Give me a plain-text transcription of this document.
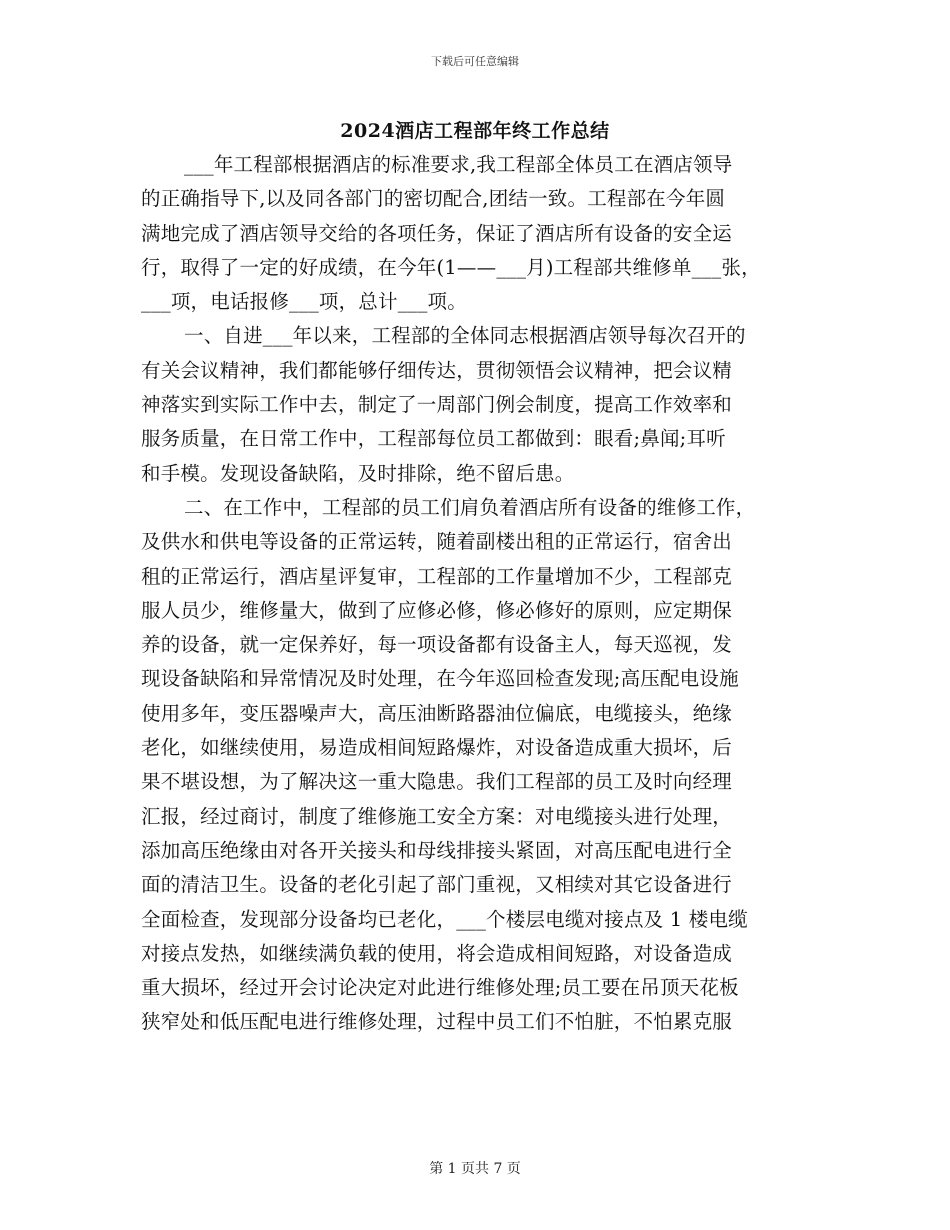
下载后可任意编辑
2024酒店工程部年终工作总结
___年工程部根据酒店的标准要求,我工程部全体员工在酒店领导
的正确指导下,以及同各部门的密切配合,团结一致。工程部在今年圆
满地完成了酒店领导交给的各项任务，保证了酒店所有设备的安全运
行，取得了一定的好成绩，在今年(1——___月)工程部共维修单___张，
___项，电话报修___项，总计___项。
一、自进___年以来，工程部的全体同志根据酒店领导每次召开的
有关会议精神，我们都能够仔细传达，贯彻领悟会议精神，把会议精
神落实到实际工作中去，制定了一周部门例会制度，提高工作效率和
服务质量，在日常工作中，工程部每位员工都做到：眼看;鼻闻;耳听
和手模。发现设备缺陷，及时排除，绝不留后患。
二、在工作中，工程部的员工们肩负着酒店所有设备的维修工作，
及供水和供电等设备的正常运转，随着副楼出租的正常运行，宿舍出
租的正常运行，酒店星评复审，工程部的工作量增加不少，工程部克
服人员少，维修量大，做到了应修必修，修必修好的原则，应定期保
养的设备，就一定保养好，每一项设备都有设备主人，每天巡视，发
现设备缺陷和异常情况及时处理，在今年巡回检查发现;高压配电设施
使用多年，变压器噪声大，高压油断路器油位偏底，电缆接头，绝缘
老化，如继续使用，易造成相间短路爆炸，对设备造成重大损坏，后
果不堪设想，为了解决这一重大隐患。我们工程部的员工及时向经理
汇报，经过商讨，制度了维修施工安全方案：对电缆接头进行处理，
添加高压绝缘由对各开关接头和母线排接头紧固，对高压配电进行全
面的清洁卫生。设备的老化引起了部门重视，又相续对其它设备进行
全面检查，发现部分设备均已老化，___个楼层电缆对接点及 1 楼电缆
对接点发热，如继续满负载的使用，将会造成相间短路，对设备造成
重大损坏，经过开会讨论决定对此进行维修处理;员工要在吊顶天花板
狭窄处和低压配电进行维修处理，过程中员工们不怕脏，不怕累克服
第 1 页共 7 页
